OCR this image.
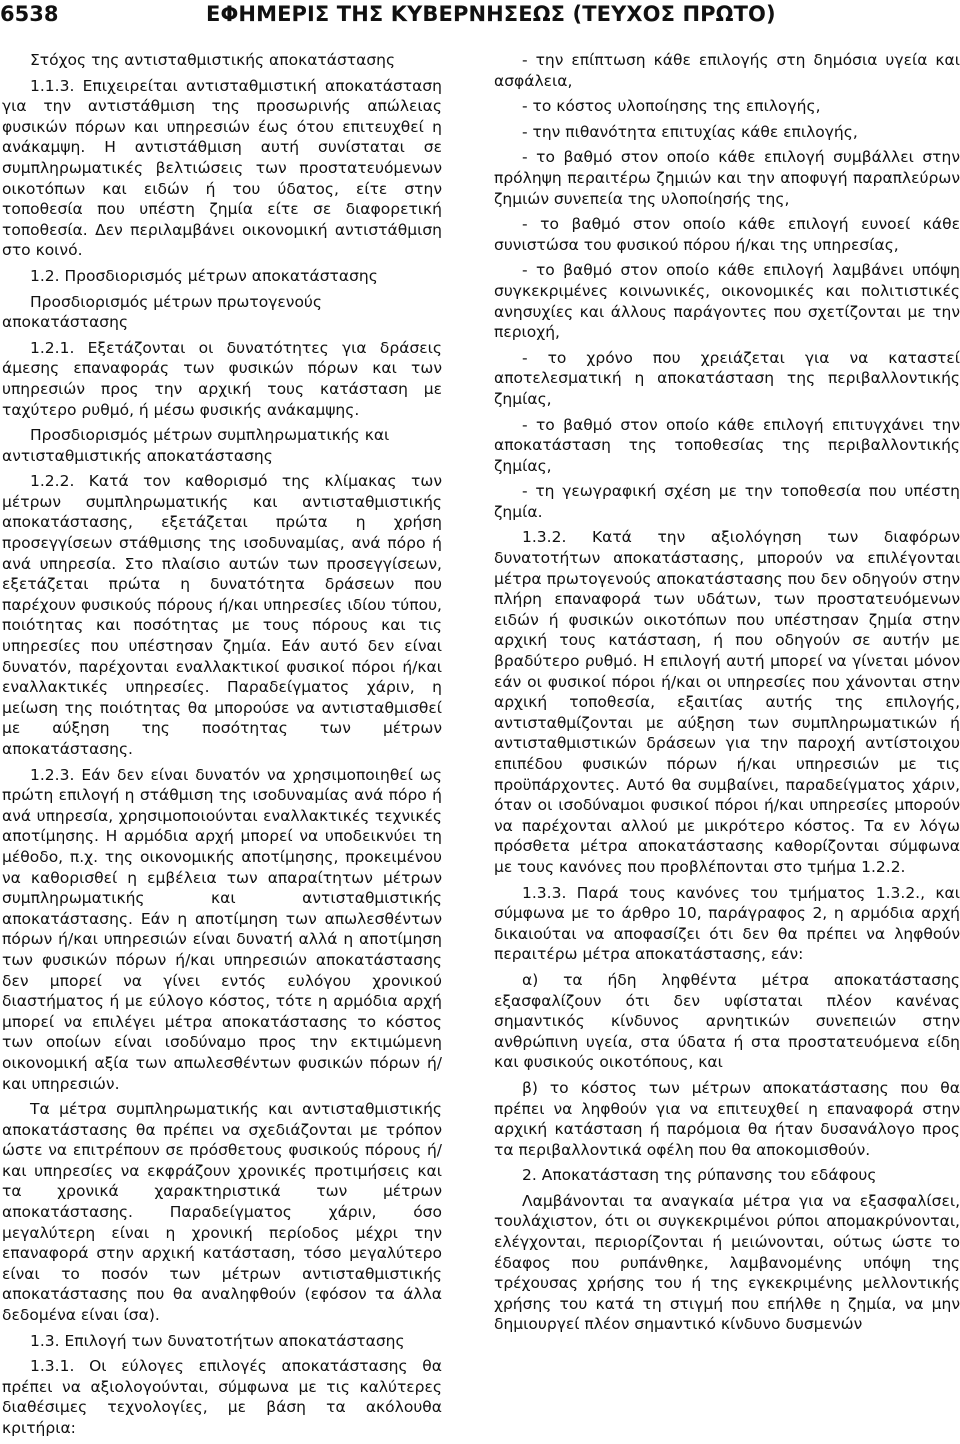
6538	ΕΦΗΜΕΡΙΣ ΤΗΣ ΚΥΒΕΡΝΗΣΕΩΣ (ΤΕΥΧΟΣ ΠΡΩΤΟ)

Στόχος της αντισταθμιστικής αποκατάστασης

1.1.3. Επιχειρείται αντισταθμιστική αποκατάσταση για την αντιστάθμιση της προσωρινής απώλειας φυσικών πόρων και υπηρεσιών έως ότου επιτευχθεί η ανάκαμψη. Η αντιστάθμιση αυτή συνίσταται σε συμπληρωματικές βελτιώσεις των προστατευόμενων οικοτόπων και ειδών ή του ύδατος, είτε στην τοποθεσία που υπέστη ζημία είτε σε διαφορετική τοποθεσία. Δεν περιλαμβάνει οικονομική αντιστάθμιση στο κοινό.

1.2. Προσδιορισμός μέτρων αποκατάστασης

Προσδιορισμός μέτρων πρωτογενούς αποκατάστασης

1.2.1. Εξετάζονται οι δυνατότητες για δράσεις άμεσης επαναφοράς των φυσικών πόρων και των υπηρεσιών προς την αρχική τους κατάσταση με ταχύτερο ρυθμό, ή μέσω φυσικής ανάκαμψης.

Προσδιορισμός μέτρων συμπληρωματικής και αντισταθμιστικής αποκατάστασης

1.2.2. Κατά τον καθορισμό της κλίμακας των μέτρων συμπληρωματικής και αντισταθμιστικής αποκατάστασης, εξετάζεται πρώτα η χρήση προσεγγίσεων στάθμισης της ισοδυναμίας, ανά πόρο ή ανά υπηρεσία. Στο πλαίσιο αυτών των προσεγγίσεων, εξετάζεται πρώτα η δυνατότητα δράσεων που παρέχουν φυσικούς πόρους ή/και υπηρεσίες ιδίου τύπου, ποιότητας και ποσότητας με τους πόρους και τις υπηρεσίες που υπέστησαν ζημία. Εάν αυτό δεν είναι δυνατόν, παρέχονται εναλλακτικοί φυσικοί πόροι ή/και εναλλακτικές υπηρεσίες. Παραδείγματος χάριν, η μείωση της ποιότητας θα μπορούσε να αντισταθμισθεί με αύξηση της ποσότητας των μέτρων αποκατάστασης.

1.2.3. Εάν δεν είναι δυνατόν να χρησιμοποιηθεί ως πρώτη επιλογή η στάθμιση της ισοδυναμίας ανά πόρο ή ανά υπηρεσία, χρησιμοποιούνται εναλλακτικές τεχνικές αποτίμησης. Η αρμόδια αρχή μπορεί να υποδεικνύει τη μέθοδο, π.χ. της οικονομικής αποτίμησης, προκειμένου να καθορισθεί η εμβέλεια των απαραίτητων μέτρων συμπληρωματικής και αντισταθμιστικής αποκατάστασης. Εάν η αποτίμηση των απωλεσθέντων πόρων ή/και υπηρεσιών είναι δυνατή αλλά η αποτίμηση των φυσικών πόρων ή/και υπηρεσιών αποκατάστασης δεν μπορεί να γίνει εντός ευλόγου χρονικού διαστήματος ή με εύλογο κόστος, τότε η αρμόδια αρχή μπορεί να επιλέγει μέτρα αποκατάστασης το κόστος των οποίων είναι ισοδύναμο προς την εκτιμώμενη οικονομική αξία των απωλεσθέντων φυσικών πόρων ή/και υπηρεσιών.

Τα μέτρα συμπληρωματικής και αντισταθμιστικής αποκατάστασης θα πρέπει να σχεδιάζονται με τρόπον ώστε να επιτρέπουν σε πρόσθετους φυσικούς πόρους ή/και υπηρεσίες να εκφράζουν χρονικές προτιμήσεις και τα χρονικά χαρακτηριστικά των μέτρων αποκατάστασης. Παραδείγματος χάριν, όσο μεγαλύτερη είναι η χρονική περίοδος μέχρι την επαναφορά στην αρχική κατάσταση, τόσο μεγαλύτερο είναι το ποσόν των μέτρων αντισταθμιστικής αποκατάστασης που θα αναληφθούν (εφόσον τα άλλα δεδομένα είναι ίσα).

1.3. Επιλογή των δυνατοτήτων αποκατάστασης

1.3.1. Οι εύλογες επιλογές αποκατάστασης θα πρέπει να αξιολογούνται, σύμφωνα με τις καλύτερες διαθέσιμες τεχνολογίες, με βάση τα ακόλουθα κριτήρια:

- την επίπτωση κάθε επιλογής στη δημόσια υγεία και ασφάλεια,

- το κόστος υλοποίησης της επιλογής,

- την πιθανότητα επιτυχίας κάθε επιλογής,

- το βαθμό στον οποίο κάθε επιλογή συμβάλλει στην πρόληψη περαιτέρω ζημιών και την αποφυγή παραπλεύρων ζημιών συνεπεία της υλοποίησής της,

- το βαθμό στον οποίο κάθε επιλογή ευνοεί κάθε συνιστώσα του φυσικού πόρου ή/και της υπηρεσίας,

- το βαθμό στον οποίο κάθε επιλογή λαμβάνει υπόψη συγκεκριμένες κοινωνικές, οικονομικές και πολιτιστικές ανησυχίες και άλλους παράγοντες που σχετίζονται με την περιοχή,

- το χρόνο που χρειάζεται για να καταστεί αποτελεσματική η αποκατάσταση της περιβαλλοντικής ζημίας,

- το βαθμό στον οποίο κάθε επιλογή επιτυγχάνει την αποκατάσταση της τοποθεσίας της περιβαλλοντικής ζημίας,

- τη γεωγραφική σχέση με την τοποθεσία που υπέστη ζημία.

1.3.2. Κατά την αξιολόγηση των διαφόρων δυνατοτήτων αποκατάστασης, μπορούν να επιλέγονται μέτρα πρωτογενούς αποκατάστασης που δεν οδηγούν στην πλήρη επαναφορά των υδάτων, των προστατευόμενων ειδών ή φυσικών οικοτόπων που υπέστησαν ζημία στην αρχική τους κατάσταση, ή που οδηγούν σε αυτήν με βραδύτερο ρυθμό. Η επιλογή αυτή μπορεί να γίνεται μόνον εάν οι φυσικοί πόροι ή/και οι υπηρεσίες που χάνονται στην αρχική τοποθεσία, εξαιτίας αυτής της επιλογής, αντισταθμίζονται με αύξηση των συμπληρωματικών ή αντισταθμιστικών δράσεων για την παροχή αντίστοιχου επιπέδου φυσικών πόρων ή/και υπηρεσιών με τις προϋπάρχοντες. Αυτό θα συμβαίνει, παραδείγματος χάριν, όταν οι ισοδύναμοι φυσικοί πόροι ή/και υπηρεσίες μπορούν να παρέχονται αλλού με μικρότερο κόστος. Τα εν λόγω πρόσθετα μέτρα αποκατάστασης καθορίζονται σύμφωνα με τους κανόνες που προβλέπονται στο τμήμα 1.2.2.

1.3.3. Παρά τους κανόνες του τμήματος 1.3.2., και σύμφωνα με το άρθρο 10, παράγραφος 2, η αρμόδια αρχή δικαιούται να αποφασίζει ότι δεν θα πρέπει να ληφθούν περαιτέρω μέτρα αποκατάστασης, εάν:

α) τα ήδη ληφθέντα μέτρα αποκατάστασης εξασφαλίζουν ότι δεν υφίσταται πλέον κανένας σημαντικός κίνδυνος αρνητικών συνεπειών στην ανθρώπινη υγεία, στα ύδατα ή στα προστατευόμενα είδη και φυσικούς οικοτόπους, και

β) το κόστος των μέτρων αποκατάστασης που θα πρέπει να ληφθούν για να επιτευχθεί η επαναφορά στην αρχική κατάσταση ή παρόμοια θα ήταν δυσανάλογο προς τα περιβαλλοντικά οφέλη που θα αποκομισθούν.

2. Αποκατάσταση της ρύπανσης του εδάφους

Λαμβάνονται τα αναγκαία μέτρα για να εξασφαλίσει, τουλάχιστον, ότι οι συγκεκριμένοι ρύποι απομακρύνονται, ελέγχονται, περιορίζονται ή μειώνονται, ούτως ώστε το έδαφος που ρυπάνθηκε, λαμβανομένης υπόψη της τρέχουσας χρήσης του ή της εγκεκριμένης μελλοντικής χρήσης του κατά τη στιγμή που επήλθε η ζημία, να μην δημιουργεί πλέον σημαντικό κίνδυνο δυσμενών
